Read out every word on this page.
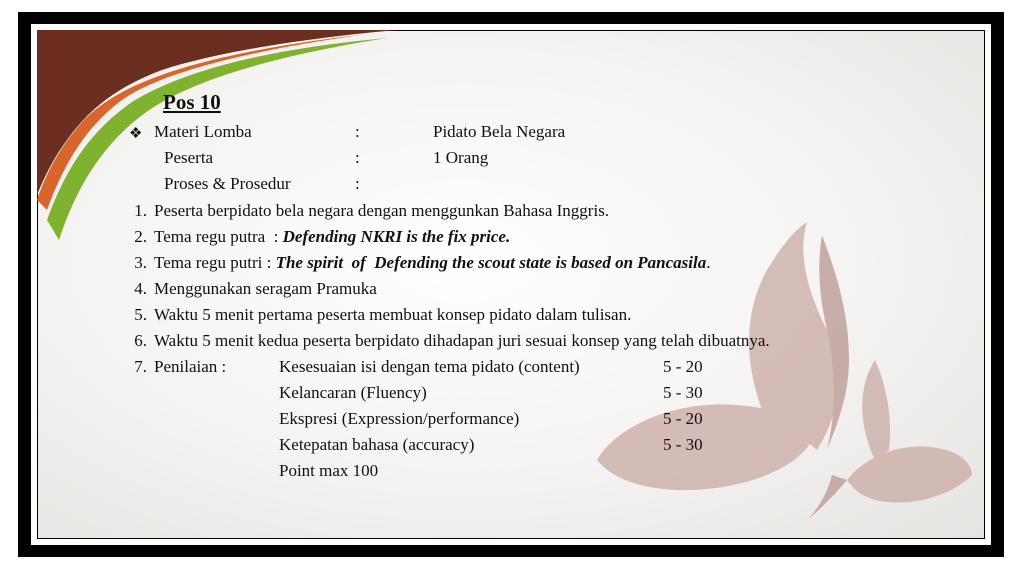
Pos 10
❖ Materi Lomba	:	Pidato Bela Negara
Peserta	:	1 Orang
Proses & Prosedur	:
1. Peserta berpidato bela negara dengan menggunkan Bahasa Inggris.
2. Tema regu putra  : Defending NKRI is the fix price.
3. Tema regu putri : The spirit  of  Defending the scout state is based on Pancasila.
4. Menggunakan seragam Pramuka
5. Waktu 5 menit pertama peserta membuat konsep pidato dalam tulisan.
6. Waktu 5 menit kedua peserta berpidato dihadapan juri sesuai konsep yang telah dibuatnya.
7. Penilaian :	Kesesuaian isi dengan tema pidato (content)	5 - 20
Kelancaran (Fluency)	5 - 30
Ekspresi (Expression/performance)	5 - 20
Ketepatan bahasa (accuracy)	5 - 30
Point max 100
